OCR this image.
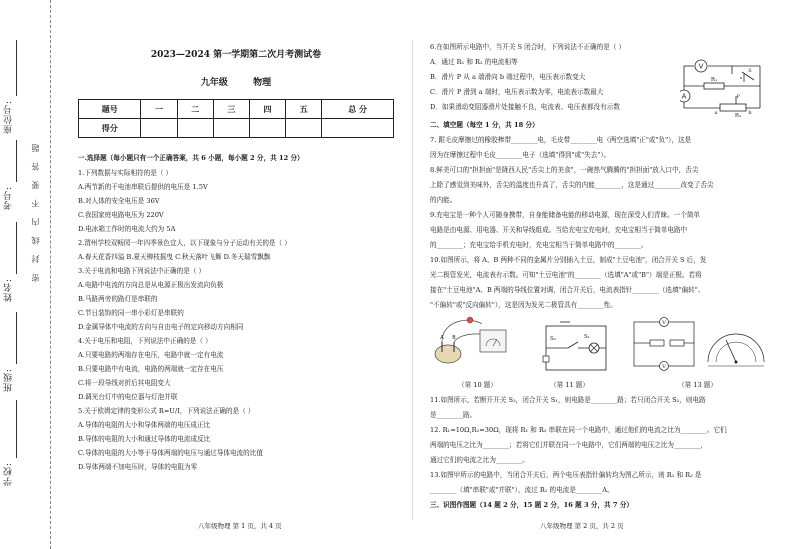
学校:
班级:
姓名:
考号:
座位号:
密 封 线 内 不 要 答 题
2023—2024 第一学期第二次月考测试卷
九年级	物理
题号	一	二	三	四	五	总 分
得分						
一.选择题（每小题只有一个正确答案，共 6 小题，每小题 2 分，共 12 分）
1.下列数据与实际相符的是（ ）
A.两节新的干电池串联后提供的电压是 1.5V
B.对人体的安全电压是 36V
C.我国家庭电路电压为 220V
D.电冰箱工作时的电流大约为 5A
2.渭州学校双畅园一年四季景色宜人，以下现象与分子运动有关的是（ ）
A.春天花香四溢 B.夏天柳枝摇曳 C.秋天落叶飞舞 D.冬天瑞雪飘飘
3.关于电流和电路下列说法中正确的是（ ）
A.电路中电流的方向总是从电源正极出发流向负极
B.马路两旁的路灯是串联的
C.节日装饰的同一串小彩灯是串联的
D.金属导体中电流的方向与自由电子的定向移动方向相同
4.关于电压和电阻，下列说法中正确的是（ ）
A.只要电路的两端存在电压，电路中就一定有电流
B.只要电路中有电流，电路的两端就一定存在电压
C.将一段导线对折后其电阻变大
D.调光台灯中的电位器与灯泡并联
5.关于欧姆定律的变形公式 R=U/I，下列说法正确的是（ ）
A.导体的电阻的大小和导体两端的电压成正比
B.导体的电阻的大小和通过导体的电流成反比
C.导体的电阻的大小等于导体两端的电压与通过导体电流的比值
D.导体两端不加电压时，导体的电阻为零
八年级物理 第 1 页，共 4 页
6.在如图所示电路中，当开关 S 闭合时，下列说法不正确的是（ ）
A．通过 R₁ 和 R₂ 的电流相等
B．滑片 P 从 a 端滑向 b 端过程中，电压表示数变大
C．滑片 P 滑到 a 端时，电压表示数为零，电流表示数最大
D．如果滑动变阻器滑片处接触不良，电流表、电压表都没有示数
V
A
R₁
R₂
P
a	b
S
二、填空题（每空 1 分，共 18 分）
7. 跟毛皮摩擦过的橡胶棒带________电，毛皮带________电（两空选填"正"或"负"），这是
因为在摩擦过程中毛皮________电子（选填"得到"或"失去"）。
8.鲜美可口的"担担面"是陇西人民"舌尖上的美食"，一碗热气腾腾的"担担面"放入口中，舌尖
上除了感觉到美味外，舌尖的温度也升高了，舌尖的内能________，这是通过________改变了舌尖
的内能。
9.充电宝是一种个人可随身携带，自身能储备电能的移动电源，现在深受人们青睐。一个简单
电路是由电源、用电器、开关和导线组成。当给充电宝充电时，充电宝相当于简单电路中
的________；充电宝给手机充电时，充电宝相当于简单电路中的________。
10.如图所示，将 A、B 两种不同的金属片分别插入土豆，制成"土豆电池"，闭合开关 S 后，发
光二极管发光，电流表有示数。可知"土豆电池"的________（选填"A"或"B"）端是正极。若将
接在"土豆电池"A、B 两端的导线位置对调，闭合开关后，电流表指针________（选填"偏转"、
"不偏转"或"反向偏转"），这是因为发光二极管具有________性。
A B
（第 10 题）
S₁
S₂
（第 11 题）
V
V
（第 13 题）
11.如图所示，若断开开关 S₂，闭合开关 S₁，则电路是________路；若只闭合开关 S₂，则电路
是________路。
12. R₁=10Ω,R₂=30Ω，现将 R₁ 和 R₂ 串联在同一个电路中，通过他们的电流之比为________。它们
两端的电压之比为________；若将它们并联在同一个电路中，它们两端的电压之比为________，
通过它们的电流之比为________。
13.如图甲所示的电路中，当闭合开关后，两个电压表指针偏转均为图乙所示，则 R₁ 和 R₂ 是
________（填"串联"或"并联"），流过 R₁ 的电流是________A。
三、识图作图题（14 题 2 分，15 题 2 分，16 题 3 分，共 7 分）
八年级物理 第 2 页，共 2 页
